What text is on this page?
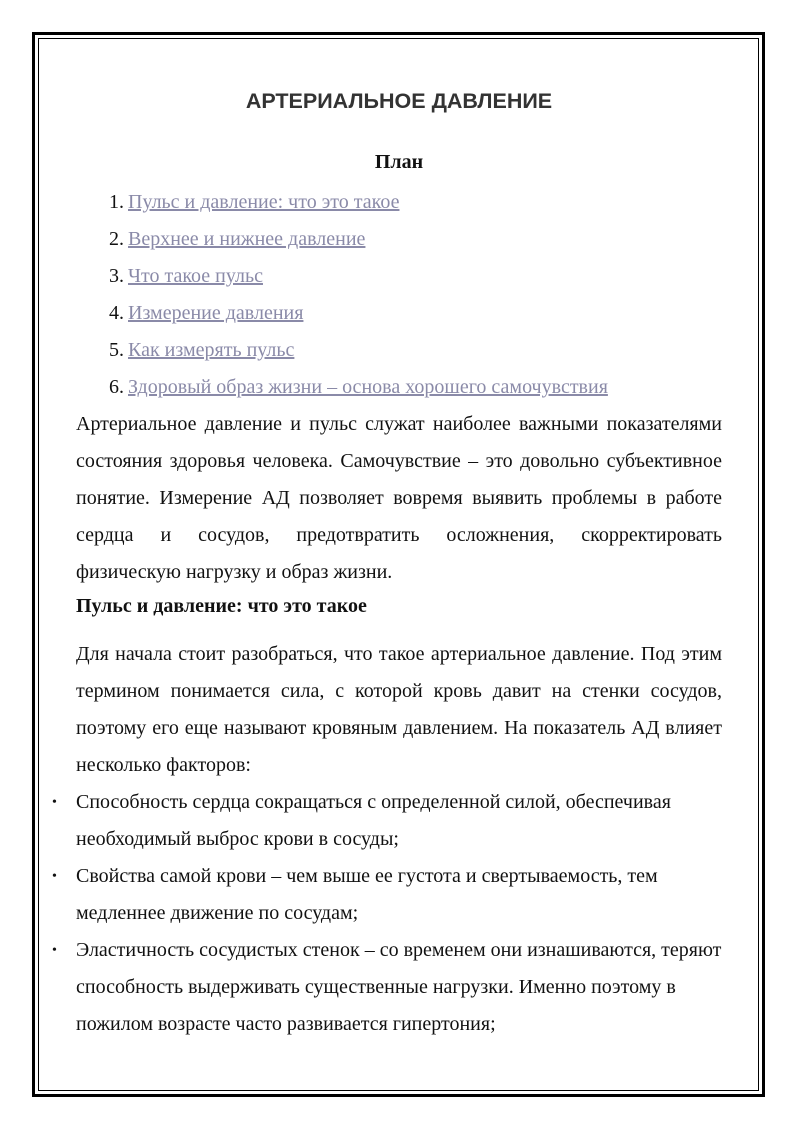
АРТЕРИАЛЬНОЕ ДАВЛЕНИЕ
План
1. Пульс и давление: что это такое
2. Верхнее и нижнее давление
3. Что такое пульс
4. Измерение давления
5. Как измерять пульс
6. Здоровый образ жизни – основа хорошего самочувствия

Артериальное давление и пульс служат наиболее важными показателями состояния здоровья человека. Самочувствие – это довольно субъективное понятие. Измерение АД позволяет вовремя выявить проблемы в работе сердца и сосудов, предотвратить осложнения, скорректировать физическую нагрузку и образ жизни.

Пульс и давление: что это такое

Для начала стоит разобраться, что такое артериальное давление. Под этим термином понимается сила, с которой кровь давит на стенки сосудов, поэтому его еще называют кровяным давлением. На показатель АД влияет несколько факторов:

• Способность сердца сокращаться с определенной силой, обеспечивая необходимый выброс крови в сосуды;
• Свойства самой крови – чем выше ее густота и свертываемость, тем медленнее движение по сосудам;
• Эластичность сосудистых стенок – со временем они изнашиваются, теряют способность выдерживать существенные нагрузки. Именно поэтому в пожилом возрасте часто развивается гипертония;
